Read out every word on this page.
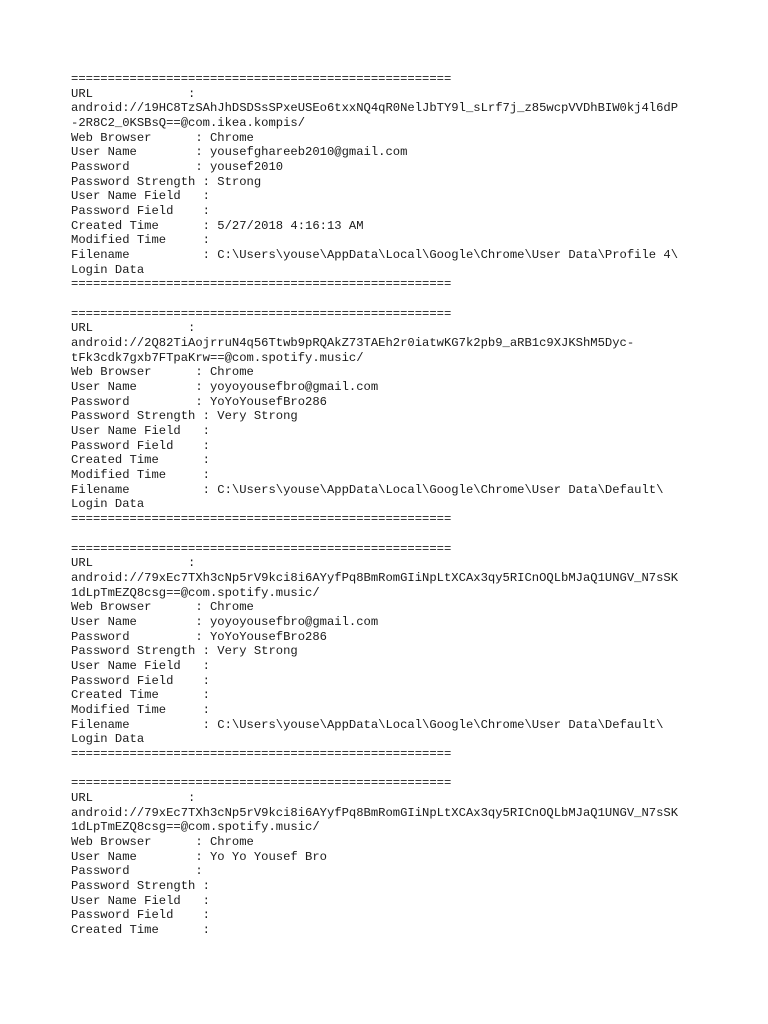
====================================================
URL             :
android://19HC8TzSAhJhDSDSsSPxeUSEo6txxNQ4qR0NelJbTY9l_sLrf7j_z85wcpVVDhBIW0kj4l6dP
-2R8C2_0KSBsQ==@com.ikea.kompis/
Web Browser      : Chrome
User Name        : yousefghareeb2010@gmail.com
Password         : yousef2010
Password Strength : Strong
User Name Field   :
Password Field    :
Created Time      : 5/27/2018 4:16:13 AM
Modified Time     :
Filename          : C:\Users\youse\AppData\Local\Google\Chrome\User Data\Profile 4\
Login Data
====================================================
====================================================
URL             :
android://2Q82TiAojrruN4q56Ttwb9pRQAkZ73TAEh2r0iatwKG7k2pb9_aRB1c9XJKShM5Dyc-
tFk3cdk7gxb7FTpaKrw==@com.spotify.music/
Web Browser      : Chrome
User Name        : yoyoyousefbro@gmail.com
Password         : YoYoYousefBro286
Password Strength : Very Strong
User Name Field   :
Password Field    :
Created Time      :
Modified Time     :
Filename          : C:\Users\youse\AppData\Local\Google\Chrome\User Data\Default\
Login Data
====================================================
====================================================
URL             :
android://79xEc7TXh3cNp5rV9kci8i6AYyfPq8BmRomGIiNpLtXCAx3qy5RICnOQLbMJaQ1UNGV_N7sSK
1dLpTmEZQ8csg==@com.spotify.music/
Web Browser      : Chrome
User Name        : yoyoyousefbro@gmail.com
Password         : YoYoYousefBro286
Password Strength : Very Strong
User Name Field   :
Password Field    :
Created Time      :
Modified Time     :
Filename          : C:\Users\youse\AppData\Local\Google\Chrome\User Data\Default\
Login Data
====================================================
====================================================
URL             :
android://79xEc7TXh3cNp5rV9kci8i6AYyfPq8BmRomGIiNpLtXCAx3qy5RICnOQLbMJaQ1UNGV_N7sSK
1dLpTmEZQ8csg==@com.spotify.music/
Web Browser      : Chrome
User Name        : Yo Yo Yousef Bro
Password         :
Password Strength :
User Name Field   :
Password Field    :
Created Time      :
